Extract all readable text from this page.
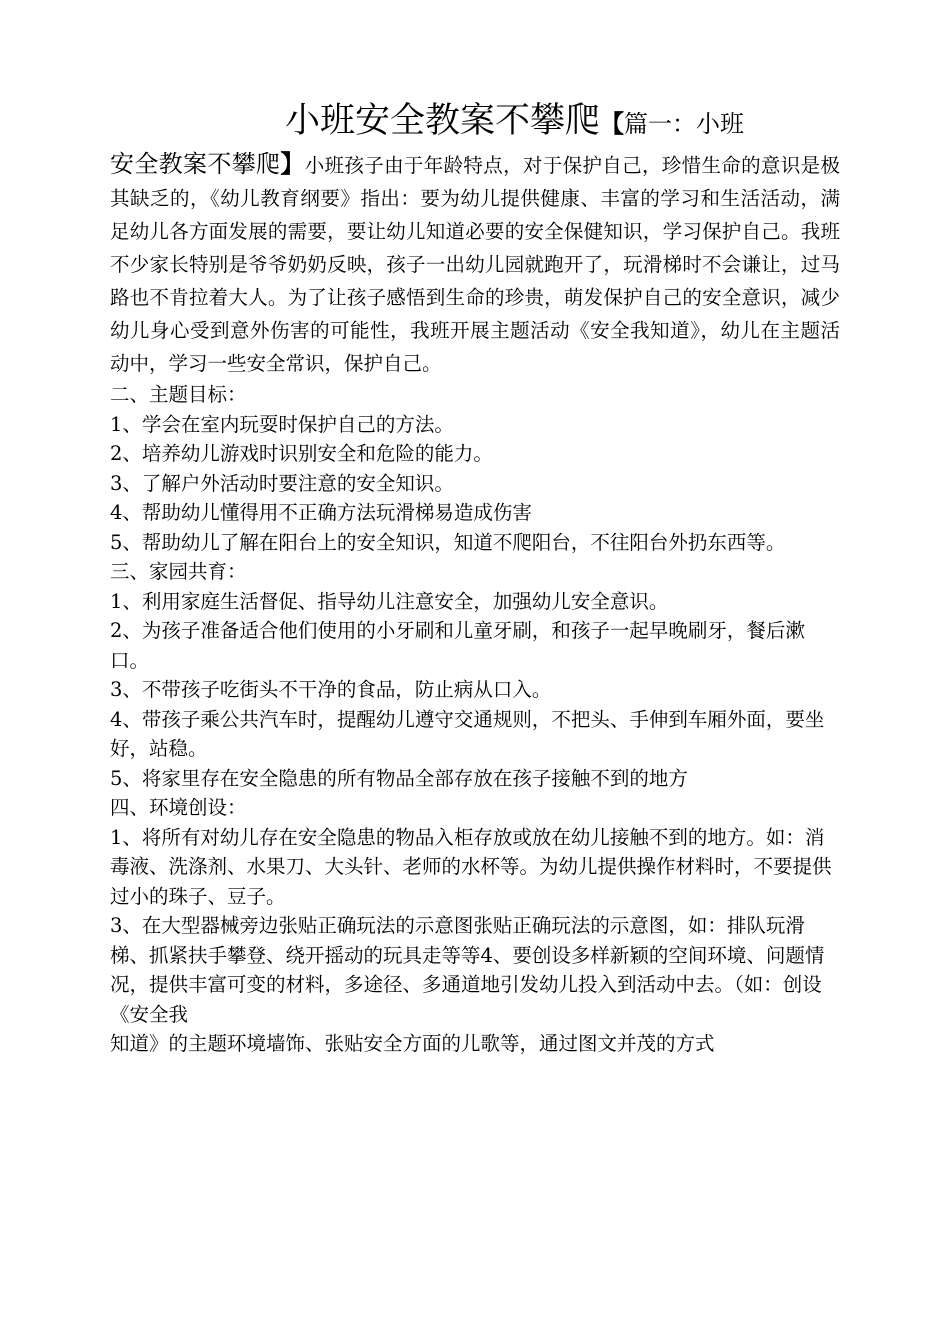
小班安全教案不攀爬【篇一：小班
安全教案不攀爬】小班孩子由于年龄特点，对于保护自己，珍惜生命的意识是极其缺乏的，《幼儿教育纲要》指出：要为幼儿提供健康、丰富的学习和生活活动，满足幼儿各方面发展的需要，要让幼儿知道必要的安全保健知识，学习保护自己。我班不少家长特别是爷爷奶奶反映，孩子一出幼儿园就跑开了，玩滑梯时不会谦让，过马路也不肯拉着大人。为了让孩子感悟到生命的珍贵，萌发保护自己的安全意识，减少幼儿身心受到意外伤害的可能性，我班开展主题活动《安全我知道》，幼儿在主题活动中，学习一些安全常识，保护自己。

二、主题目标：

1、学会在室内玩耍时保护自己的方法。

2、培养幼儿游戏时识别安全和危险的能力。

3、了解户外活动时要注意的安全知识。

4、帮助幼儿懂得用不正确方法玩滑梯易造成伤害

5、帮助幼儿了解在阳台上的安全知识，知道不爬阳台，不往阳台外扔东西等。

三、家园共育：

1、利用家庭生活督促、指导幼儿注意安全，加强幼儿安全意识。

2、为孩子准备适合他们使用的小牙刷和儿童牙刷，和孩子一起早晚刷牙，餐后漱口。

3、不带孩子吃街头不干净的食品，防止病从口入。

4、带孩子乘公共汽车时，提醒幼儿遵守交通规则，不把头、手伸到车厢外面，要坐好，站稳。

5、将家里存在安全隐患的所有物品全部存放在孩子接触不到的地方

四、环境创设：

1、将所有对幼儿存在安全隐患的物品入柜存放或放在幼儿接触不到的地方。如：消毒液、洗涤剂、水果刀、大头针、老师的水杯等。为幼儿提供操作材料时，不要提供过小的珠子、豆子。

3、在大型器械旁边张贴正确玩法的示意图张贴正确玩法的示意图，如：排队玩滑梯、抓紧扶手攀登、绕开摇动的玩具走等等4、要创设多样新颖的空间环境、问题情况，提供丰富可变的材料，多途径、多通道地引发幼儿投入到活动中去。（如：创设《安全我

知道》的主题环境墙饰、张贴安全方面的儿歌等，通过图文并茂的方式
